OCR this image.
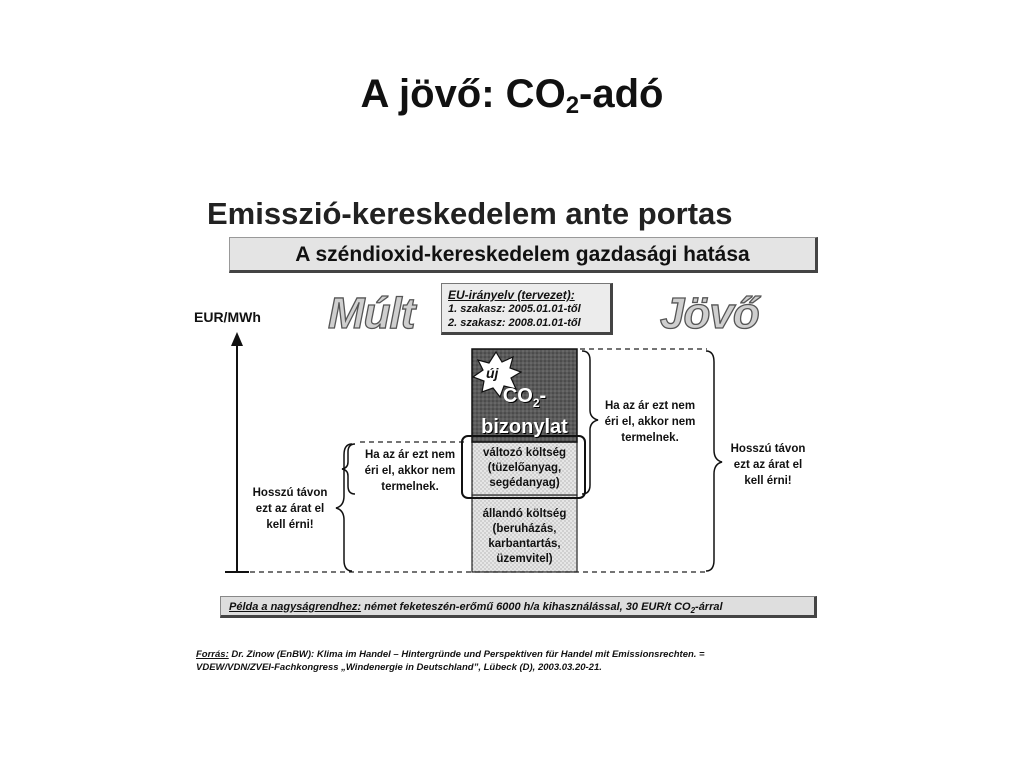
A jövő: $CO_2$-adó
Emisszió-kereskedelem ante portas
A széndioxid-kereskedelem gazdasági hatása
EU-irányelv (tervezet):
1. szakasz: 2005.01.01-től
2. szakasz: 2008.01.01-től
EUR/MWh Múlt	Jövő
új
$CO_2-$
bizonylat
változó költség
(tüzelőanyag,
segédanyag)
állandó költség
(beruházás,
karbantartás,
üzemvitel)
Ha az ár ezt nem
éri el, akkor nem
termelnek.
Hosszú távon
ezt az árat el
kell érni!
Ha az ár ezt nem
éri el, akkor nem
termelnek.
Hosszú távon
ezt az árat el
kell érni!
Példa a nagyságrendhez: német feketeszén-erőmű 6000 h/a kihasználással, 30 EUR/t $CO_2$-árral
Forrás: Dr. Zinow (EnBW): Klima im Handel – Hintergründe und Perspektiven für Handel mit Emissionsrechten. =
VDEW/VDN/ZVEI-Fachkongress „Windenergie in Deutschland”, Lübeck (D), 2003.03.20-21.
